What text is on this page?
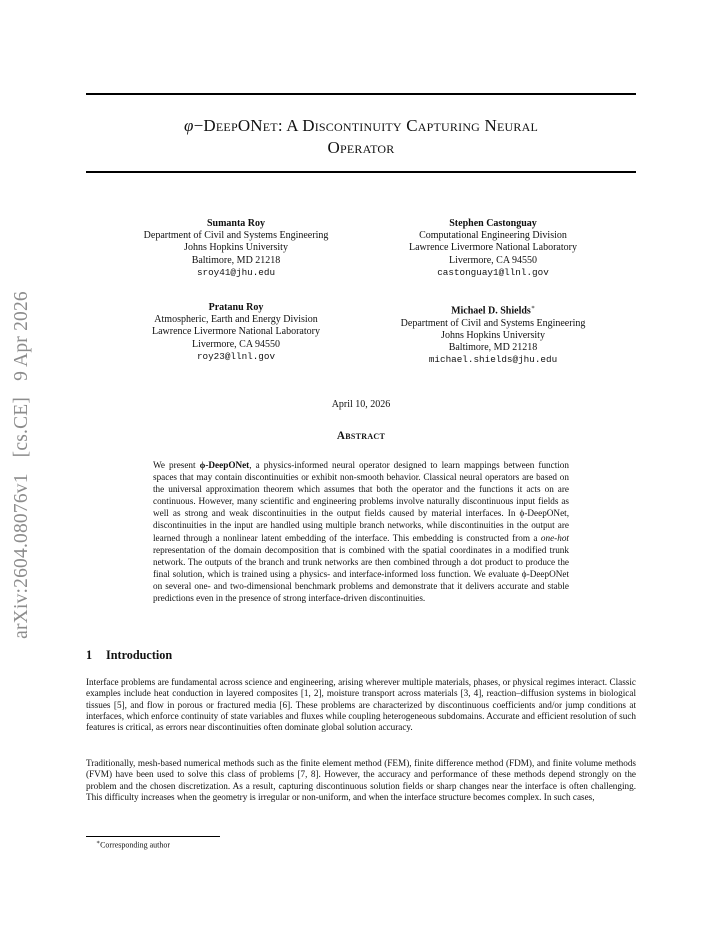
arXiv:2604.08076v1[cs.CE]9 Apr 2026
φ−DeepONet: A Discontinuity Capturing Neural
Operator
Sumanta Roy
Department of Civil and Systems Engineering
Johns Hopkins University
Baltimore, MD 21218
sroy41@jhu.edu
Stephen Castonguay
Computational Engineering Division
Lawrence Livermore National Laboratory
Livermore, CA 94550
castonguay1@llnl.gov
Pratanu Roy
Atmospheric, Earth and Energy Division
Lawrence Livermore National Laboratory
Livermore, CA 94550
roy23@llnl.gov
Michael D. Shields∗
Department of Civil and Systems Engineering
Johns Hopkins University
Baltimore, MD 21218
michael.shields@jhu.edu
April 10, 2026
Abstract
We present ϕ-DeepONet, a physics-informed neural operator designed to learn mappings between function spaces that may contain discontinuities or exhibit non-smooth behavior. Classical neural operators are based on the universal approximation theorem which assumes that both the operator and the functions it acts on are continuous. However, many scientific and engineering problems involve naturally discontinuous input fields as well as strong and weak discontinuities in the output fields caused by material interfaces. In ϕ-DeepONet, discontinuities in the input are handled using multiple branch networks, while discontinuities in the output are learned through a nonlinear latent embedding of the interface. This embedding is constructed from a one-hot representation of the domain decomposition that is combined with the spatial coordinates in a modified trunk network. The outputs of the branch and trunk networks are then combined through a dot product to produce the final solution, which is trained using a physics- and interface-informed loss function. We evaluate ϕ-DeepONet on several one- and two-dimensional benchmark problems and demonstrate that it delivers accurate and stable predictions even in the presence of strong interface-driven discontinuities.
1 Introduction
Interface problems are fundamental across science and engineering, arising wherever multiple materials, phases, or physical regimes interact. Classic examples include heat conduction in layered composites [1, 2], moisture transport across materials [3, 4], reaction–diffusion systems in biological tissues [5], and flow in porous or fractured media [6]. These problems are characterized by discontinuous coefficients and/or jump conditions at interfaces, which enforce continuity of state variables and fluxes while coupling heterogeneous subdomains. Accurate and efficient resolution of such features is critical, as errors near discontinuities often dominate global solution accuracy.
Traditionally, mesh-based numerical methods such as the finite element method (FEM), finite difference method (FDM), and finite volume methods (FVM) have been used to solve this class of problems [7, 8]. However, the accuracy and performance of these methods depend strongly on the problem and the chosen discretization. As a result, capturing discontinuous solution fields or sharp changes near the interface is often challenging. This difficulty increases when the geometry is irregular or non-uniform, and when the interface structure becomes complex. In such cases,
∗Corresponding author
